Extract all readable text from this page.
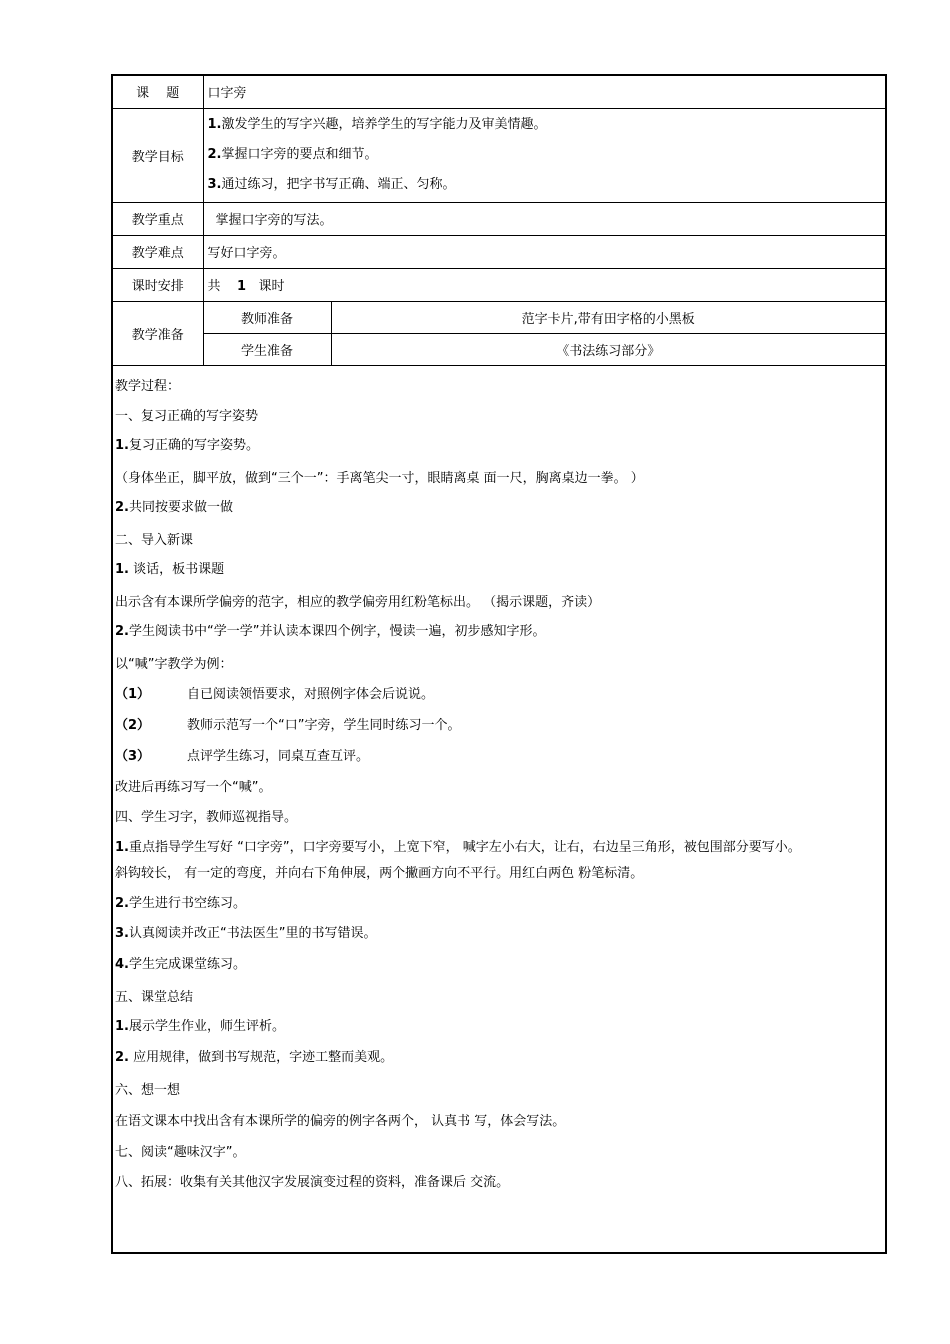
课　 题	口字旁	
教学目标	1.激发学生的写字兴趣，培养学生的写字能力及审美情趣。
2.掌握口字旁的要点和细节。
3.通过练习，把字书写正确、端正、匀称。	

教学重点	掌握口字旁的写法。	
教学难点	写好口字旁。	
课时安排	共 1 课时	
教学准备	教师准备	范字卡片,带有田字格的小黑板
	学生准备	《书法练习部分》
教学过程：
一、复习正确的写字姿势
1.复习正确的写字姿势。
（身体坐正，脚平放，做到“三个一”：手离笔尖一寸，眼睛离桌 面一尺，胸离桌边一拳。 ）
2.共同按要求做一做
二、导入新课
1. 谈话，板书课题
出示含有本课所学偏旁的范字，相应的教学偏旁用红粉笔标出。 （揭示课题，齐读）
2.学生阅读书中“学一学”并认读本课四个例字，慢读一遍，初步感知字形。
以“喊”字教学为例：
（1）	自已阅读领悟要求，对照例字体会后说说。
（2）	教师示范写一个“口”字旁，学生同时练习一个。
（3）	点评学生练习，同桌互查互评。
改进后再练习写一个“喊”。
四、学生习字，教师巡视指导。
1.重点指导学生写好 “口字旁”，口字旁要写小，上宽下窄， 喊字左小右大，让右，右边呈三角形，被包围部分要写小。
斜钩较长， 有一定的弯度，并向右下角伸展，两个撇画方向不平行。用红白两色 粉笔标清。
2.学生进行书空练习。
3.认真阅读并改正“书法医生”里的书写错误。
4.学生完成课堂练习。
五、课堂总结
1.展示学生作业，师生评析。
2. 应用规律，做到书写规范，字迹工整而美观。
六、想一想
在语文课本中找出含有本课所学的偏旁的例字各两个， 认真书 写，体会写法。
七、阅读“趣味汉字”。
八、拓展：收集有关其他汉字发展演变过程的资料，准备课后 交流。
